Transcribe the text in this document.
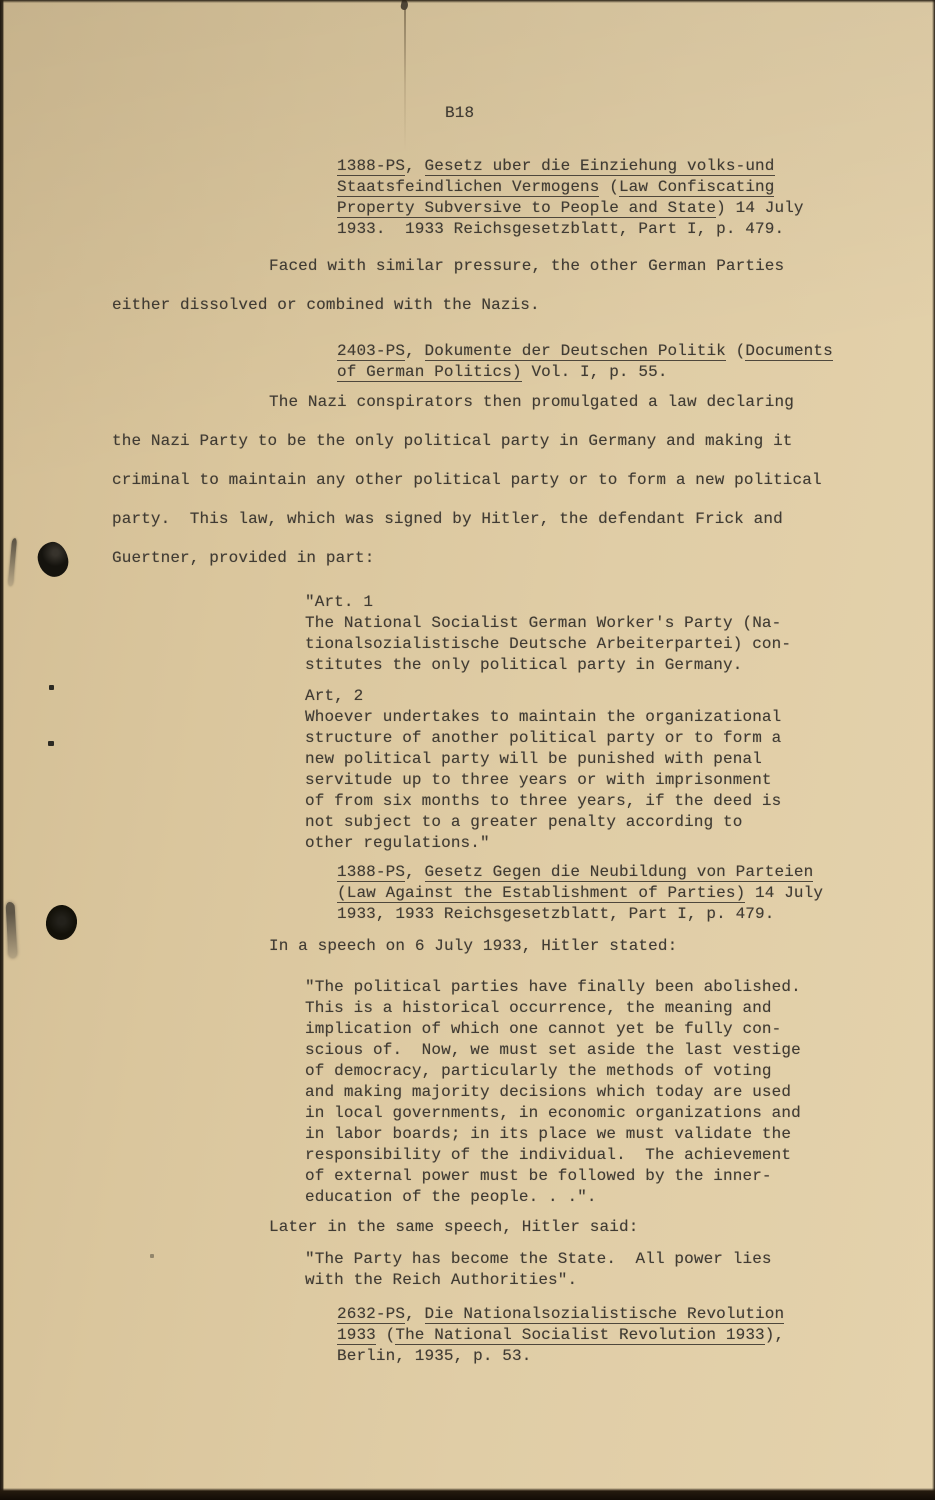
B18
1388-PS, Gesetz uber die Einziehung volks-und
Staatsfeindlichen Vermogens (Law Confiscating
Property Subversive to People and State) 14 July
1933.  1933 Reichsgesetzblatt, Part I, p. 479.
Faced with similar pressure, the other German Parties
either dissolved or combined with the Nazis.
2403-PS, Dokumente der Deutschen Politik (Documents
of German Politics) Vol. I, p. 55.
The Nazi conspirators then promulgated a law declaring
the Nazi Party to be the only political party in Germany and making it
criminal to maintain any other political party or to form a new political
party.  This law, which was signed by Hitler, the defendant Frick and
Guertner, provided in part:
"Art. 1
The National Socialist German Worker's Party (Na-
tionalsozialistische Deutsche Arbeiterpartei) con-
stitutes the only political party in Germany.
Art, 2
Whoever undertakes to maintain the organizational
structure of another political party or to form a
new political party will be punished with penal
servitude up to three years or with imprisonment
of from six months to three years, if the deed is
not subject to a greater penalty according to
other regulations."
1388-PS, Gesetz Gegen die Neubildung von Parteien
(Law Against the Establishment of Parties) 14 July
1933, 1933 Reichsgesetzblatt, Part I, p. 479.
In a speech on 6 July 1933, Hitler stated:
"The political parties have finally been abolished.
This is a historical occurrence, the meaning and
implication of which one cannot yet be fully con-
scious of.  Now, we must set aside the last vestige
of democracy, particularly the methods of voting
and making majority decisions which today are used
in local governments, in economic organizations and
in labor boards; in its place we must validate the
responsibility of the individual.  The achievement
of external power must be followed by the inner-
education of the people. . .".
Later in the same speech, Hitler said:
"The Party has become the State.  All power lies
with the Reich Authorities".
2632-PS, Die Nationalsozialistische Revolution
1933 (The National Socialist Revolution 1933),
Berlin, 1935, p. 53.
